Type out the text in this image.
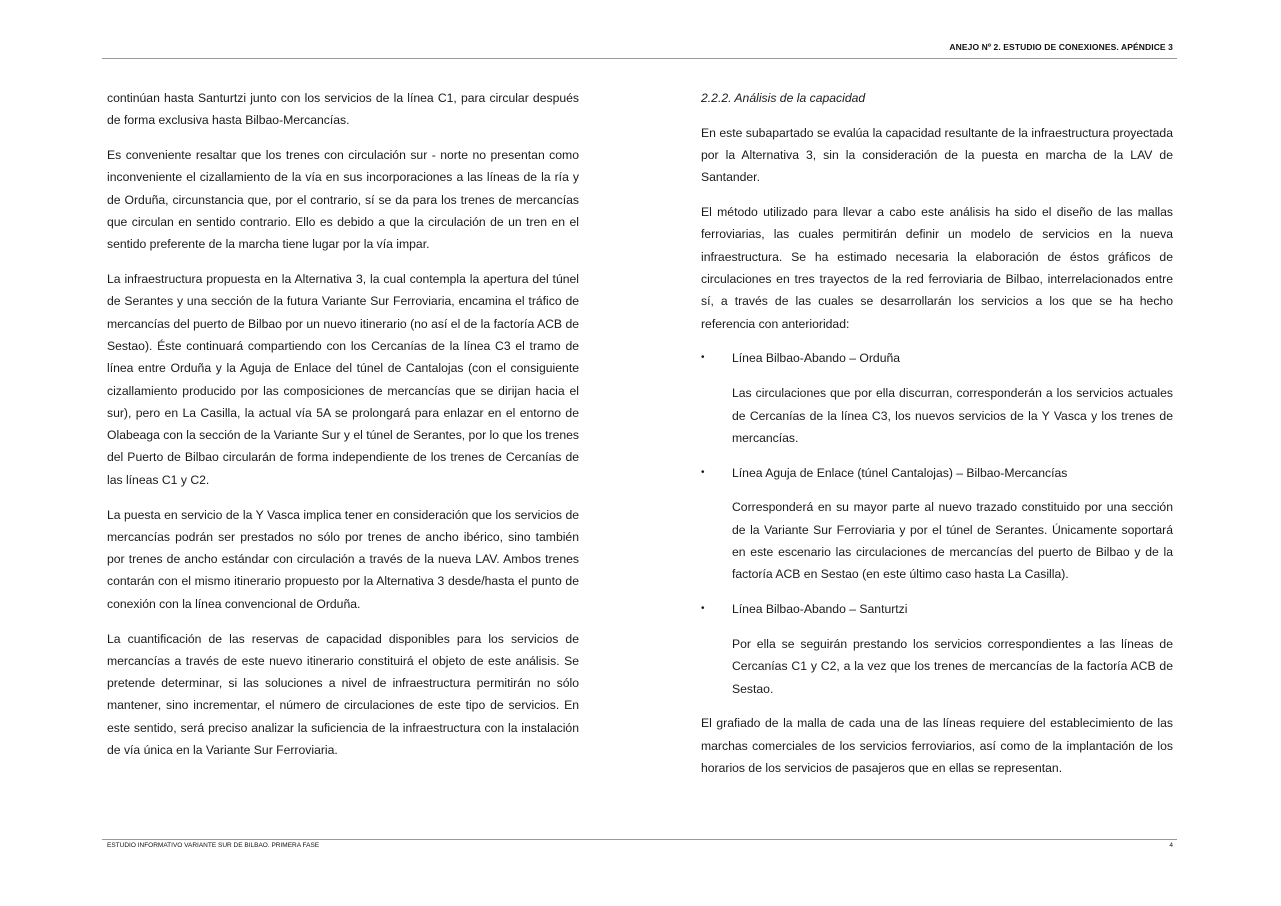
ANEJO Nº 2. ESTUDIO DE CONEXIONES. APÉNDICE 3

continúan hasta Santurtzi junto con los servicios de la línea C1, para circular después de forma exclusiva hasta Bilbao-Mercancías.

Es conveniente resaltar que los trenes con circulación sur - norte no presentan como inconveniente el cizallamiento de la vía en sus incorporaciones a las líneas de la ría y de Orduña, circunstancia que, por el contrario, sí se da para los trenes de mercancías que circulan en sentido contrario. Ello es debido a que la circulación de un tren en el sentido preferente de la marcha tiene lugar por la vía impar.

La infraestructura propuesta en la Alternativa 3, la cual contempla la apertura del túnel de Serantes y una sección de la futura Variante Sur Ferroviaria, encamina el tráfico de mercancías del puerto de Bilbao por un nuevo itinerario (no así el de la factoría ACB de Sestao). Éste continuará compartiendo con los Cercanías de la línea C3 el tramo de línea entre Orduña y la Aguja de Enlace del túnel de Cantalojas (con el consiguiente cizallamiento producido por las composiciones de mercancías que se dirijan hacia el sur), pero en La Casilla, la actual vía 5A se prolongará para enlazar en el entorno de Olabeaga con la sección de la Variante Sur y el túnel de Serantes, por lo que los trenes del Puerto de Bilbao circularán de forma independiente de los trenes de Cercanías de las líneas C1 y C2.

La puesta en servicio de la Y Vasca implica tener en consideración que los servicios de mercancías podrán ser prestados no sólo por trenes de ancho ibérico, sino también por trenes de ancho estándar con circulación a través de la nueva LAV. Ambos trenes contarán con el mismo itinerario propuesto por la Alternativa 3 desde/hasta el punto de conexión con la línea convencional de Orduña.

La cuantificación de las reservas de capacidad disponibles para los servicios de mercancías a través de este nuevo itinerario constituirá el objeto de este análisis. Se pretende determinar, si las soluciones a nivel de infraestructura permitirán no sólo mantener, sino incrementar, el número de circulaciones de este tipo de servicios. En este sentido, será preciso analizar la suficiencia de la infraestructura con la instalación de vía única en la Variante Sur Ferroviaria.

2.2.2. Análisis de la capacidad

En este subapartado se evalúa la capacidad resultante de la infraestructura proyectada por la Alternativa 3, sin la consideración de la puesta en marcha de la LAV de Santander.

El método utilizado para llevar a cabo este análisis ha sido el diseño de las mallas ferroviarias, las cuales permitirán definir un modelo de servicios en la nueva infraestructura. Se ha estimado necesaria la elaboración de éstos gráficos de circulaciones en tres trayectos de la red ferroviaria de Bilbao, interrelacionados entre sí, a través de las cuales se desarrollarán los servicios a los que se ha hecho referencia con anterioridad:

• Línea Bilbao-Abando – Orduña

Las circulaciones que por ella discurran, corresponderán a los servicios actuales de Cercanías de la línea C3, los nuevos servicios de la Y Vasca y los trenes de mercancías.

• Línea Aguja de Enlace (túnel Cantalojas) – Bilbao-Mercancías

Corresponderá en su mayor parte al nuevo trazado constituido por una sección de la Variante Sur Ferroviaria y por el túnel de Serantes. Únicamente soportará en este escenario las circulaciones de mercancías del puerto de Bilbao y de la factoría ACB en Sestao (en este último caso hasta La Casilla).

• Línea Bilbao-Abando – Santurtzi

Por ella se seguirán prestando los servicios correspondientes a las líneas de Cercanías C1 y C2, a la vez que los trenes de mercancías de la factoría ACB de Sestao.

El grafiado de la malla de cada una de las líneas requiere del establecimiento de las marchas comerciales de los servicios ferroviarios, así como de la implantación de los horarios de los servicios de pasajeros que en ellas se representan.

ESTUDIO INFORMATIVO VARIANTE SUR DE BILBAO. PRIMERA FASE	4
